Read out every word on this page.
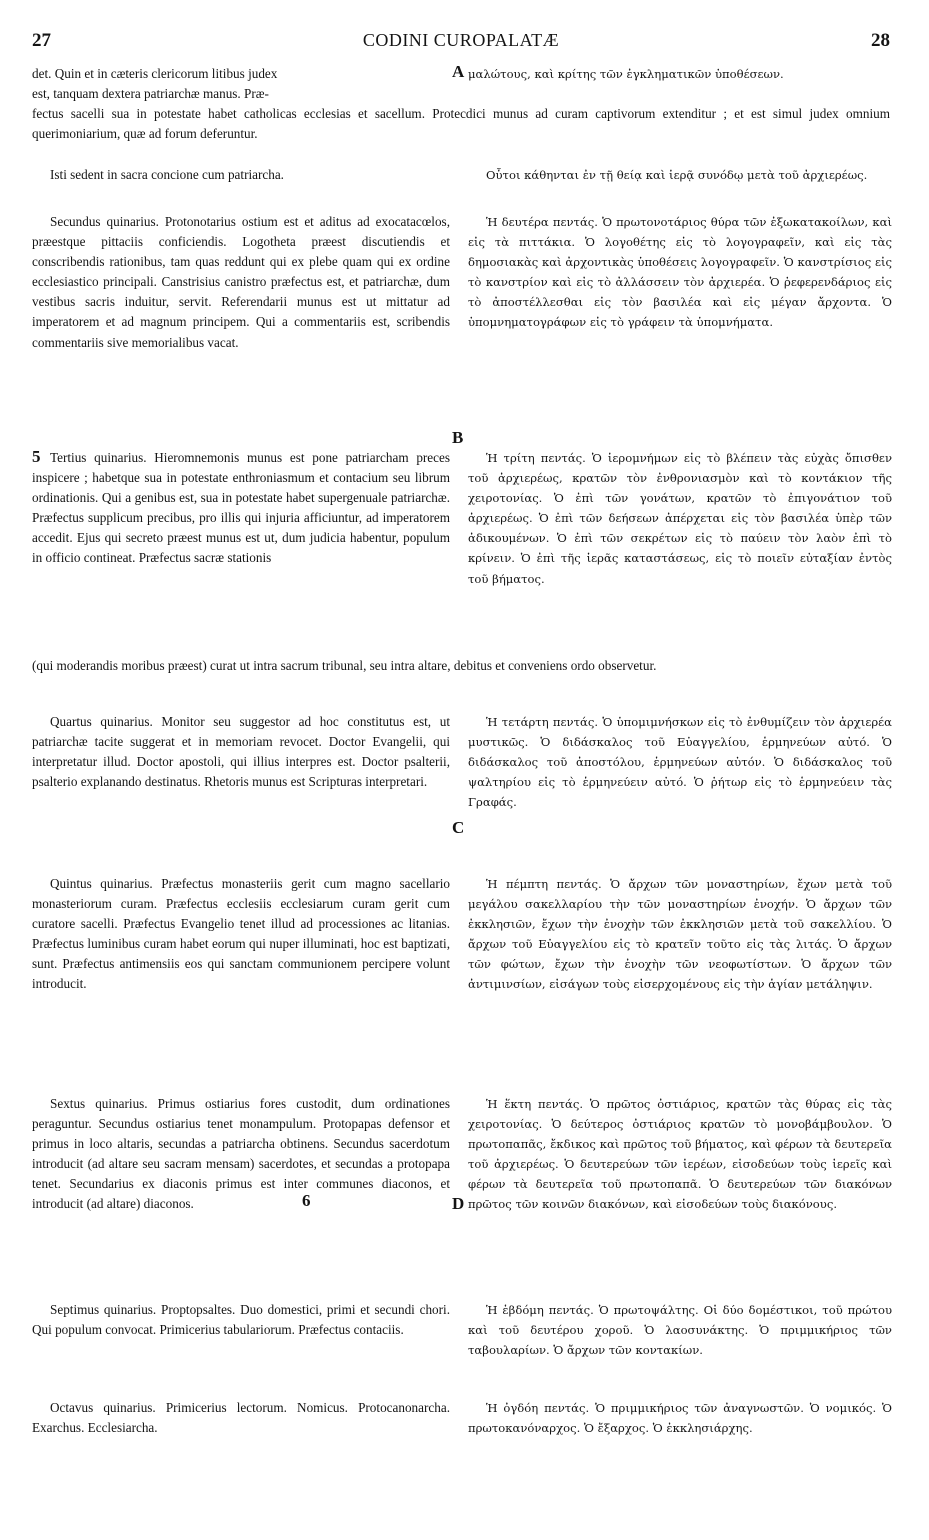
27	CODINI CUROPALATÆ	28
det. Quin et in cæteris clericorum litibus judex	μαλώτους, καὶ κρίτης τῶν ἐγκληματικῶν ὑποθέσεων.
est, tanquam dextera patriarchæ manus. Præ-
fectus sacelli sua in potestate habet catholicas ecclesias et sacellum. Protecdici munus ad curam captivorum extenditur ; et est simul judex omnium querimoniarium, quæ ad forum deferuntur.
A
Isti sedent in sacra concione cum patriarcha.	Οὗτοι κάθηνται ἐν τῇ θείᾳ καὶ ἱερᾷ συνόδῳ μετὰ τοῦ ἀρχιερέως.
Secundus quinarius. Protonotarius ostium est et aditus ad exocatacœlos, præestque pittaciis conficiendis. Logotheta præest discutiendis et conscribendis rationibus, tam quas reddunt qui ex plebe quam qui ex ordine ecclesiastico principali. Canstrisius canistro præfectus est, et patriarchæ, dum vestibus sacris induitur, servit. Referendarii munus est ut mittatur ad imperatorem et ad magnum principem. Qui a commentariis est, scribendis commentariis sive memorialibus vacat.
Ἡ δευτέρα πεντάς. Ὁ πρωτονοτάριος θύρα τῶν ἐξωκατακοίλων, καὶ εἰς τὰ πιττάκια. Ὁ λογοθέτης εἰς τὸ λογογραφεῖν, καὶ εἰς τὰς δημοσιακὰς καὶ ἀρχοντικὰς ὑποθέσεις λογογραφεῖν. Ὁ κανστρίσιος εἰς τὸ κανστρίον καὶ εἰς τὸ ἀλλάσσειν τὸν ἀρχιερέα. Ὁ ῥεφερενδάριος εἰς τὸ ἀποστέλλεσθαι εἰς τὸν βασιλέα καὶ εἰς μέγαν ἄρχοντα. Ὁ ὑπομνηματογράφων εἰς τὸ γράφειν τὰ ὑπομνήματα.
B
5 Tertius quinarius. Hieromnemonis munus est pone patriarcham preces inspicere ; habetque sua in potestate enthroniasmum et contacium seu librum ordinationis. Qui a genibus est, sua in potestate habet supergenuale patriarchæ. Præfectus supplicum precibus, pro illis qui injuria afficiuntur, ad imperatorem accedit. Ejus qui secreto præest munus est ut, dum judicia habentur, populum in officio contineat. Præfectus sacræ stationis
Ἡ τρίτη πεντάς. Ὁ ἱερομνήμων εἰς τὸ βλέπειν τὰς εὐχὰς ὄπισθεν τοῦ ἀρχιερέως, κρατῶν τὸν ἐνθρονιασμὸν καὶ τὸ κοντάκιον τῆς χειροτονίας. Ὁ ἐπὶ τῶν γονάτων, κρατῶν τὸ ἐπιγονάτιον τοῦ ἀρχιερέως. Ὁ ἐπὶ τῶν δεήσεων ἀπέρχεται εἰς τὸν βασιλέα ὑπὲρ τῶν ἀδικουμένων. Ὁ ἐπὶ τῶν σεκρέτων εἰς τὸ παύειν τὸν λαὸν ἐπὶ τὸ κρίνειν. Ὁ ἐπὶ τῆς ἱερᾶς καταστάσεως, εἰς τὸ ποιεῖν εὐταξίαν ἐντὸς τοῦ βήματος.
(qui moderandis moribus præest) curat ut intra sacrum tribunal, seu intra altare, debitus et conveniens ordo observetur.
Quartus quinarius. Monitor seu suggestor ad hoc constitutus est, ut patriarchæ tacite suggerat et in memoriam revocet. Doctor Evangelii, qui interpretatur illud. Doctor apostoli, qui illius interpres est. Doctor psalterii, psalterio explanando destinatus. Rhetoris munus est Scripturas interpretari.
Ἡ τετάρτη πεντάς. Ὁ ὑπομιμνήσκων εἰς τὸ ἐνθυμίζειν τὸν ἀρχιερέα μυστικῶς. Ὁ διδάσκαλος τοῦ Εὐαγγελίου, ἑρμηνεύων αὐτό. Ὁ διδάσκαλος τοῦ ἀποστόλου, ἑρμηνεύων αὐτόν. Ὁ διδάσκαλος τοῦ ψαλτηρίου εἰς τὸ ἑρμηνεύειν αὐτό. Ὁ ῥήτωρ εἰς τὸ ἑρμηνεύειν τὰς Γραφάς.
C
Quintus quinarius. Præfectus monasteriis gerit cum magno sacellario monasteriorum curam. Præfectus ecclesiis ecclesiarum curam gerit cum curatore sacelli. Præfectus Evangelio tenet illud ad processiones ac litanias. Præfectus luminibus curam habet eorum qui nuper illuminati, hoc est baptizati, sunt. Præfectus antimensiis eos qui sanctam communionem percipere volunt introducit.
Ἡ πέμπτη πεντάς. Ὁ ἄρχων τῶν μοναστηρίων, ἔχων μετὰ τοῦ μεγάλου σακελλαρίου τὴν τῶν μοναστηρίων ἐνοχήν. Ὁ ἄρχων τῶν ἐκκλησιῶν, ἔχων τὴν ἐνοχὴν τῶν ἐκκλησιῶν μετὰ τοῦ σακελλίου. Ὁ ἄρχων τοῦ Εὐαγγελίου εἰς τὸ κρατεῖν τοῦτο εἰς τὰς λιτάς. Ὁ ἄρχων τῶν φώτων, ἔχων τὴν ἐνοχὴν τῶν νεοφωτίστων. Ὁ ἄρχων τῶν ἀντιμινσίων, εἰσάγων τοὺς εἰσερχομένους εἰς τὴν ἁγίαν μετάληψιν.
Sextus quinarius. Primus ostiarius fores custodit, dum ordinationes peraguntur. Secundus ostiarius tenet monampulum. Protopapas defensor et primus in loco altaris, secundas a patriarcha obtinens. Secundus sacerdotum introducit (ad altare seu sacram mensam) sacerdotes, et secundas a protopapa tenet. Secundarius ex diaconis primus est inter communes diaconos, et introducit (ad altare) diaconos.
Ἡ ἕκτη πεντάς. Ὁ πρῶτος ὀστιάριος, κρατῶν τὰς θύρας εἰς τὰς χειροτονίας. Ὁ δεύτερος ὀστιάριος κρατῶν τὸ μονοβάμβουλον. Ὁ πρωτοπαπᾶς, ἔκδικος καὶ πρῶτος τοῦ βήματος, καὶ φέρων τὰ δευτερεῖα τοῦ ἀρχιερέως. Ὁ δευτερεύων τῶν ἱερέων, εἰσοδεύων τοὺς ἱερεῖς καὶ φέρων τὰ δευτερεῖα τοῦ πρωτοπαπᾶ. Ὁ δευτερεύων τῶν διακόνων πρῶτος τῶν κοινῶν διακόνων, καὶ εἰσοδεύων τοὺς διακόνους.
6	D
Septimus quinarius. Proptopsaltes. Duo domestici, primi et secundi chori. Qui populum convocat. Primicerius tabulariorum. Præfectus contaciis.
Ἡ ἑβδόμη πεντάς. Ὁ πρωτοψάλτης. Οἱ δύο δομέστικοι, τοῦ πρώτου καὶ τοῦ δευτέρου χοροῦ. Ὁ λαοσυνάκτης. Ὁ πριμμικήριος τῶν ταβουλαρίων. Ὁ ἄρχων τῶν κοντακίων.
Octavus quinarius. Primicerius lectorum. Nomicus. Protocanonarcha. Exarchus. Ecclesiarcha.
Ἡ ὀγδόη πεντάς. Ὁ πριμμικήριος τῶν ἀναγνωστῶν. Ὁ νομικός. Ὁ πρωτοκανόναρχος. Ὁ ἔξαρχος. Ὁ ἐκκλησιάρχης.
